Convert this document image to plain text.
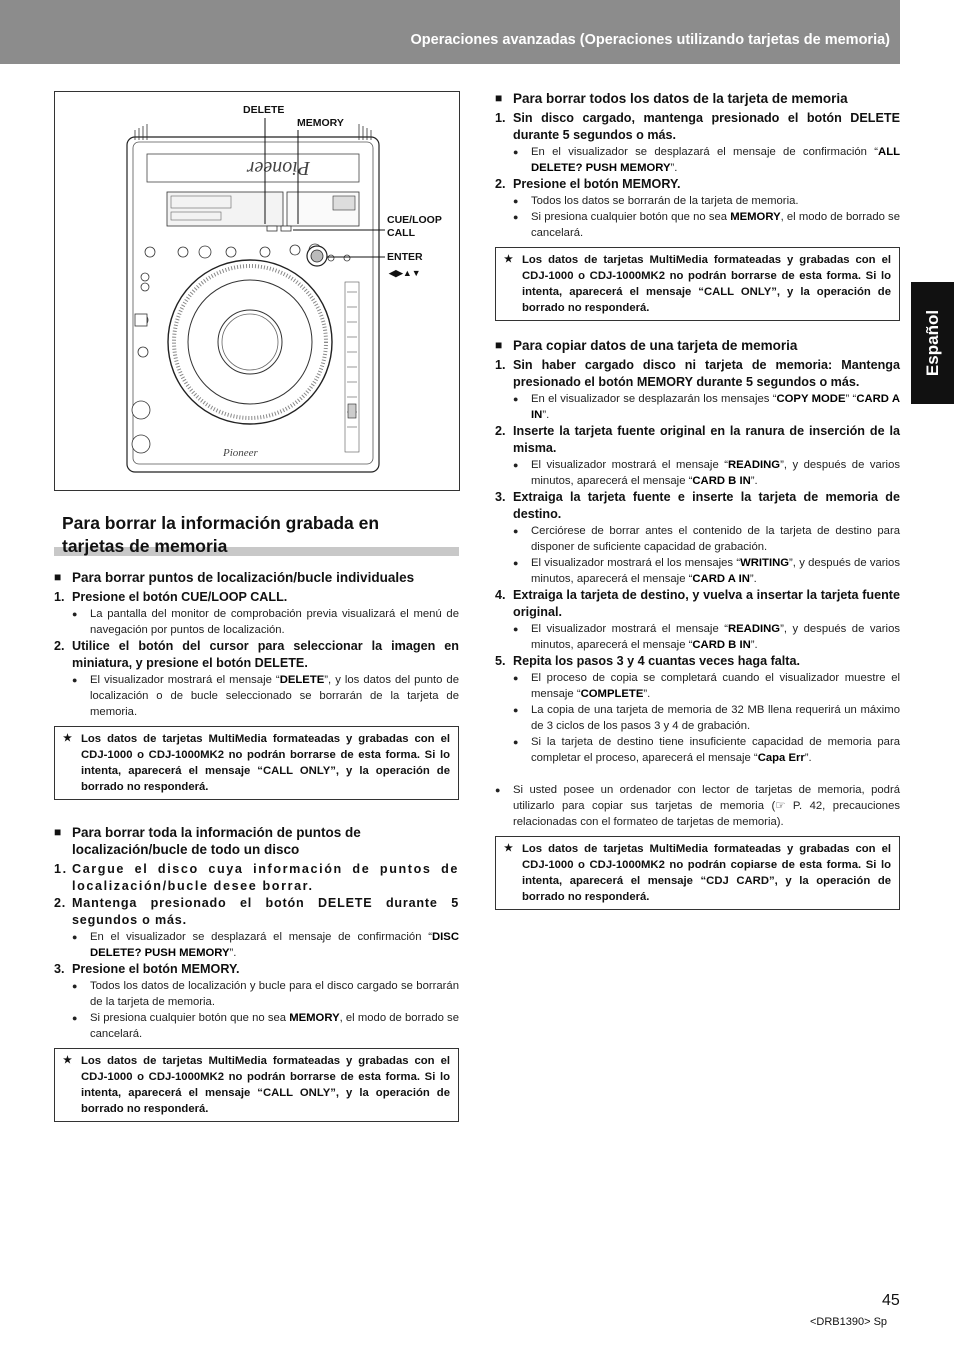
Operaciones avanzadas (Operaciones utilizando tarjetas de memoria)
Español
Pioneer
Pioneer
DELETE
MEMORY
CUE/LOOP
CALL
ENTER
◀▶▲▼
Para borrar la información grabada en
tarjetas de memoria

■ Para borrar puntos de localización/bucle individuales

1. Presione el botón CUE/LOOP CALL.

● La pantalla del monitor de comprobación previa visualizará el menú de navegación por puntos de localización.

2. Utilice el botón del cursor para seleccionar la imagen en miniatura, y presione el botón DELETE.

● El visualizador mostrará el mensaje “DELETE”, y los datos del punto de localización o de bucle seleccionado se borrarán de la tarjeta de memoria.

★ Los datos de tarjetas MultiMedia formateadas y grabadas con el CDJ-1000 o CDJ-1000MK2 no podrán borrarse de esta forma. Si lo intenta, aparecerá el mensaje “CALL ONLY”, y la operación de borrado no responderá.

■ Para borrar toda la información de puntos de localización/bucle de todo un disco

1. Cargue el disco cuya información de puntos de localización/bucle desee borrar.

2. Mantenga presionado el botón DELETE durante 5 segundos o más.

● En el visualizador se desplazará el mensaje de confirmación “DISC DELETE? PUSH MEMORY”.

3. Presione el botón MEMORY.

● Todos los datos de localización y bucle para el disco cargado se borrarán de la tarjeta de memoria.

● Si presiona cualquier botón que no sea MEMORY, el modo de borrado se cancelará.

★ Los datos de tarjetas MultiMedia formateadas y grabadas con el CDJ-1000 o CDJ-1000MK2 no podrán borrarse de esta forma. Si lo intenta, aparecerá el mensaje “CALL ONLY”, y la operación de borrado no responderá.

■ Para borrar todos los datos de la tarjeta de memoria

1. Sin disco cargado, mantenga presionado el botón DELETE durante 5 segundos o más.

● En el visualizador se desplazará el mensaje de confirmación “ALL DELETE? PUSH MEMORY”.

2. Presione el botón MEMORY.

● Todos los datos se borrarán de la tarjeta de memoria.

● Si presiona cualquier botón que no sea MEMORY, el modo de borrado se cancelará.

★ Los datos de tarjetas MultiMedia formateadas y grabadas con el CDJ-1000 o CDJ-1000MK2 no podrán borrarse de esta forma. Si lo intenta, aparecerá el mensaje “CALL ONLY”, y la operación de borrado no responderá.

■ Para copiar datos de una tarjeta de memoria

1. Sin haber cargado disco ni tarjeta de memoria: Mantenga presionado el botón MEMORY durante 5 segundos o más.

● En el visualizador se desplazarán los mensajes “COPY MODE” “CARD A IN”.

2. Inserte la tarjeta fuente original en la ranura de inserción de la misma.

● El visualizador mostrará el mensaje “READING”, y después de varios minutos, aparecerá el mensaje “CARD B IN”.

3. Extraiga la tarjeta fuente e inserte la tarjeta de memoria de destino.

● Cerciórese de borrar antes el contenido de la tarjeta de destino para disponer de suficiente capacidad de grabación.

● El visualizador mostrará el los mensajes “WRITING”, y después de varios minutos, aparecerá el mensaje “CARD A IN”.

4. Extraiga la tarjeta de destino, y vuelva a insertar la tarjeta fuente original.

● El visualizador mostrará el mensaje “READING”, y después de varios minutos, aparecerá el mensaje “CARD B IN”.

5. Repita los pasos 3 y 4 cuantas veces haga falta.

● El proceso de copia se completará cuando el visualizador muestre el mensaje “COMPLETE”.

● La copia de una tarjeta de memoria de 32 MB llena requerirá un máximo de 3 ciclos de los pasos 3 y 4 de grabación.

● Si la tarjeta de destino tiene insuficiente capacidad de memoria para completar el proceso, aparecerá el mensaje “Capa Err”.

● Si usted posee un ordenador con lector de tarjetas de memoria, podrá utilizarlo para copiar sus tarjetas de memoria (☞ P. 42, precauciones relacionadas con el formateo de tarjetas de memoria).

★ Los datos de tarjetas MultiMedia formateadas y grabadas con el CDJ-1000 o CDJ-1000MK2 no podrán copiarse de esta forma. Si lo intenta, aparecerá el mensaje “CDJ CARD”, y la operación de borrado no responderá.
45
<DRB1390> Sp
